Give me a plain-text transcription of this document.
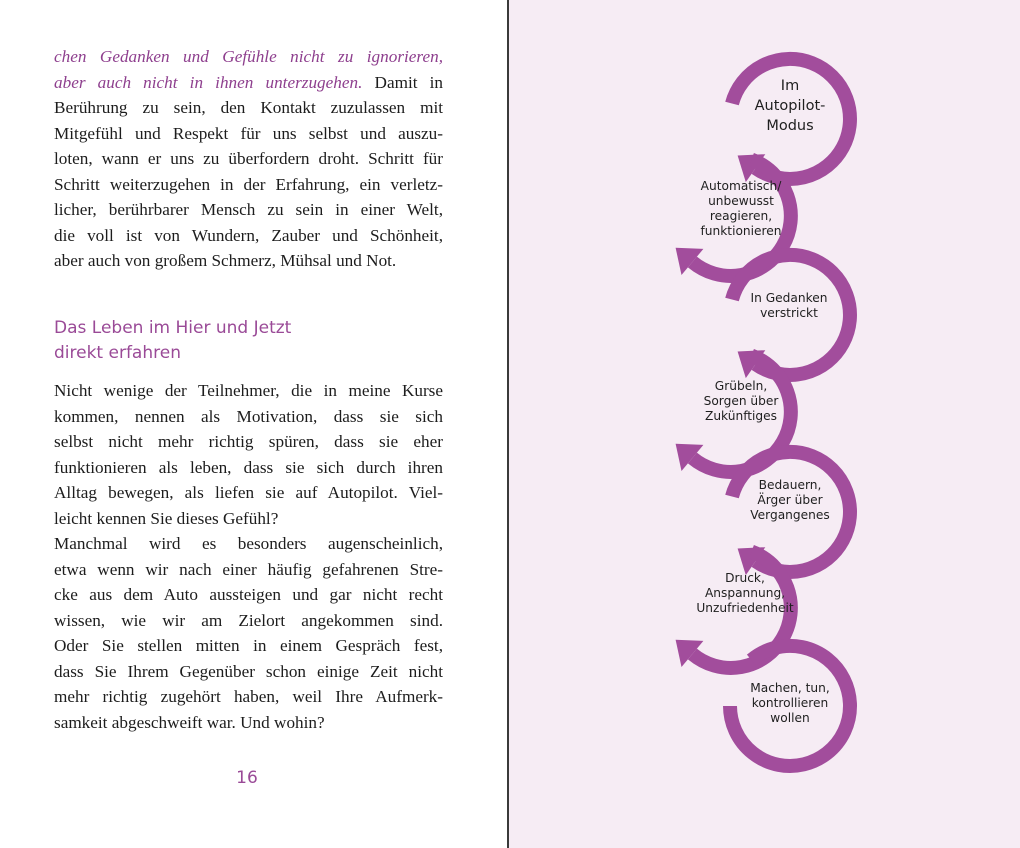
chen Gedanken und Gefühle nicht zu ignorieren,
aber auch nicht in ihnen unterzugehen. Damit in
Berührung zu sein, den Kontakt zuzulassen mit
Mitgefühl und Respekt für uns selbst und auszu-
loten, wann er uns zu überfordern droht. Schritt für
Schritt weiterzugehen in der Erfahrung, ein verletz-
licher, berührbarer Mensch zu sein in einer Welt,
die voll ist von Wundern, Zauber und Schönheit,
aber auch von großem Schmerz, Mühsal und Not.
Das Leben im Hier und Jetzt
direkt erfahren
Nicht wenige der Teilnehmer, die in meine Kurse
kommen, nennen als Motivation, dass sie sich
selbst nicht mehr richtig spüren, dass sie eher
funktionieren als leben, dass sie sich durch ihren
Alltag bewegen, als liefen sie auf Autopilot. Viel-
leicht kennen Sie dieses Gefühl?
Manchmal wird es besonders augenscheinlich,
etwa wenn wir nach einer häufig gefahrenen Stre-
cke aus dem Auto aussteigen und gar nicht recht
wissen, wie wir am Zielort angekommen sind.
Oder Sie stellen mitten in einem Gespräch fest,
dass Sie Ihrem Gegenüber schon einige Zeit nicht
mehr richtig zugehört haben, weil Ihre Aufmerk-
samkeit abgeschweift war. Und wohin?
16
Im Autopilot-Modus
Automatisch/ unbewusst reagieren, funktionieren
In Gedanken verstrickt
Grübeln, Sorgen über Zukünftiges
Bedauern, Ärger über Vergangenes
Druck, Anspannung, Unzufriedenheit
Machen, tun, kontrollieren wollen
